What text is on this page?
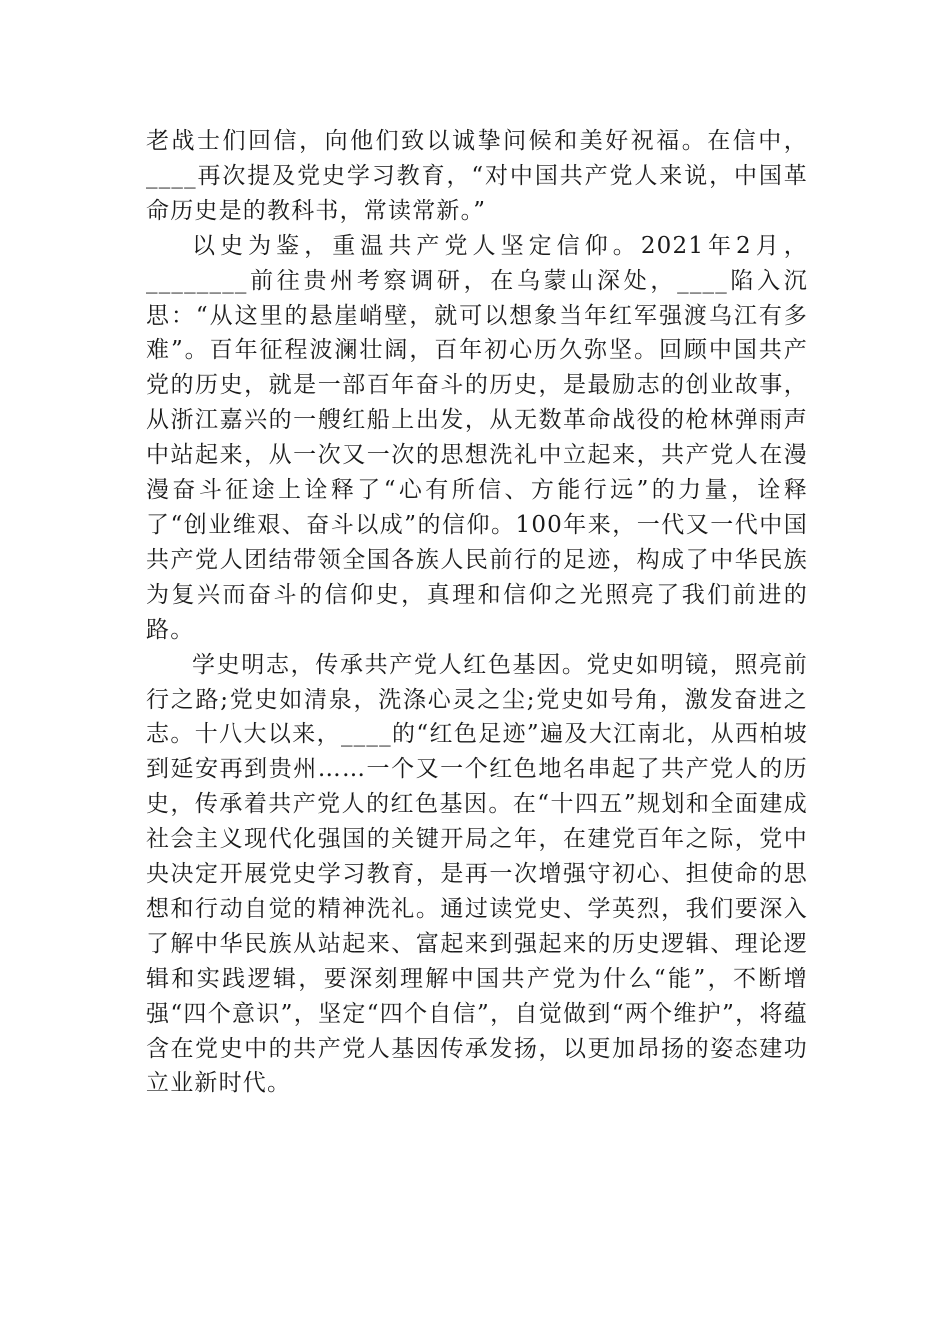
老战士们回信，向他们致以诚挚问候和美好祝福。在信中，____再次提及党史学习教育，“对中国共产党人来说，中国革命历史是的教科书，常读常新。”

以史为鉴，重温共产党人坚定信仰。2021年2月，________前往贵州考察调研，在乌蒙山深处，____陷入沉思：“从这里的悬崖峭壁，就可以想象当年红军强渡乌江有多难”。百年征程波澜壮阔，百年初心历久弥坚。回顾中国共产党的历史，就是一部百年奋斗的历史，是最励志的创业故事，从浙江嘉兴的一艘红船上出发，从无数革命战役的枪林弹雨声中站起来，从一次又一次的思想洗礼中立起来，共产党人在漫漫奋斗征途上诠释了“心有所信、方能行远”的力量，诠释了“创业维艰、奋斗以成”的信仰。100年来，一代又一代中国共产党人团结带领全国各族人民前行的足迹，构成了中华民族为复兴而奋斗的信仰史，真理和信仰之光照亮了我们前进的路。

学史明志，传承共产党人红色基因。党史如明镜，照亮前行之路;党史如清泉，洗涤心灵之尘;党史如号角，激发奋进之志。十八大以来，____的“红色足迹”遍及大江南北，从西柏坡到延安再到贵州……一个又一个红色地名串起了共产党人的历史，传承着共产党人的红色基因。在“十四五”规划和全面建成社会主义现代化强国的关键开局之年，在建党百年之际，党中央决定开展党史学习教育，是再一次增强守初心、担使命的思想和行动自觉的精神洗礼。通过读党史、学英烈，我们要深入了解中华民族从站起来、富起来到强起来的历史逻辑、理论逻辑和实践逻辑，要深刻理解中国共产党为什么“能”，不断增强“四个意识”，坚定“四个自信”，自觉做到“两个维护”，将蕴含在党史中的共产党人基因传承发扬，以更加昂扬的姿态建功立业新时代。
